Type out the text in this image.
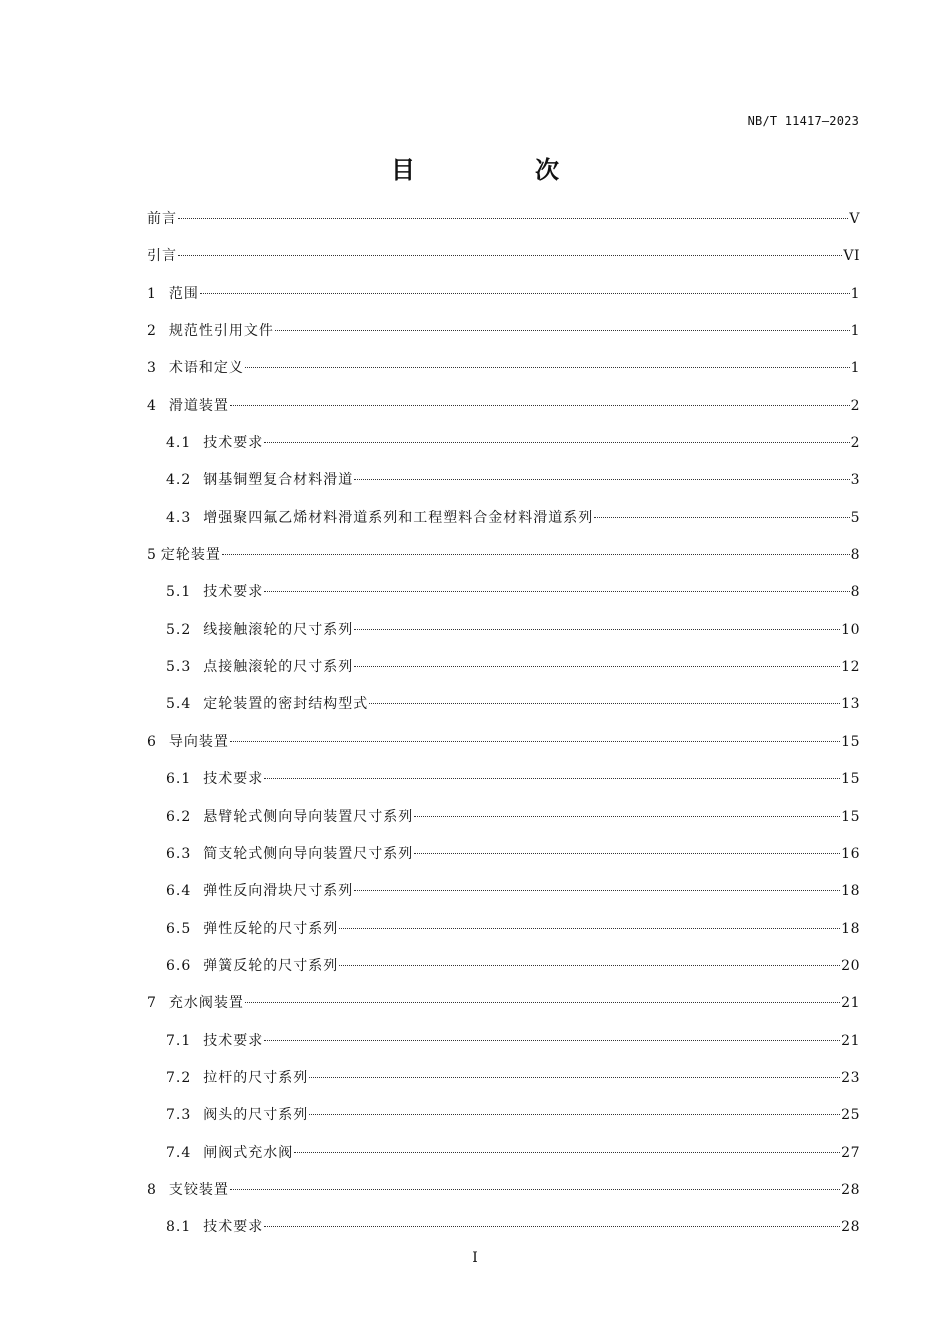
NB/T 11417—2023
目　次
前言	V
引言	VI
1 范围	1
2 规范性引用文件	1
3 术语和定义	1
4 滑道装置	2
4.1 技术要求	2
4.2 钢基铜塑复合材料滑道	3
4.3 增强聚四氟乙烯材料滑道系列和工程塑料合金材料滑道系列	5
5 定轮装置	8
5.1 技术要求	8
5.2 线接触滚轮的尺寸系列	10
5.3 点接触滚轮的尺寸系列	12
5.4 定轮装置的密封结构型式	13
6 导向装置	15
6.1 技术要求	15
6.2 悬臂轮式侧向导向装置尺寸系列	15
6.3 简支轮式侧向导向装置尺寸系列	16
6.4 弹性反向滑块尺寸系列	18
6.5 弹性反轮的尺寸系列	18
6.6 弹簧反轮的尺寸系列	20
7 充水阀装置	21
7.1 技术要求	21
7.2 拉杆的尺寸系列	23
7.3 阀头的尺寸系列	25
7.4 闸阀式充水阀	27
8 支铰装置	28
8.1 技术要求	28
I
